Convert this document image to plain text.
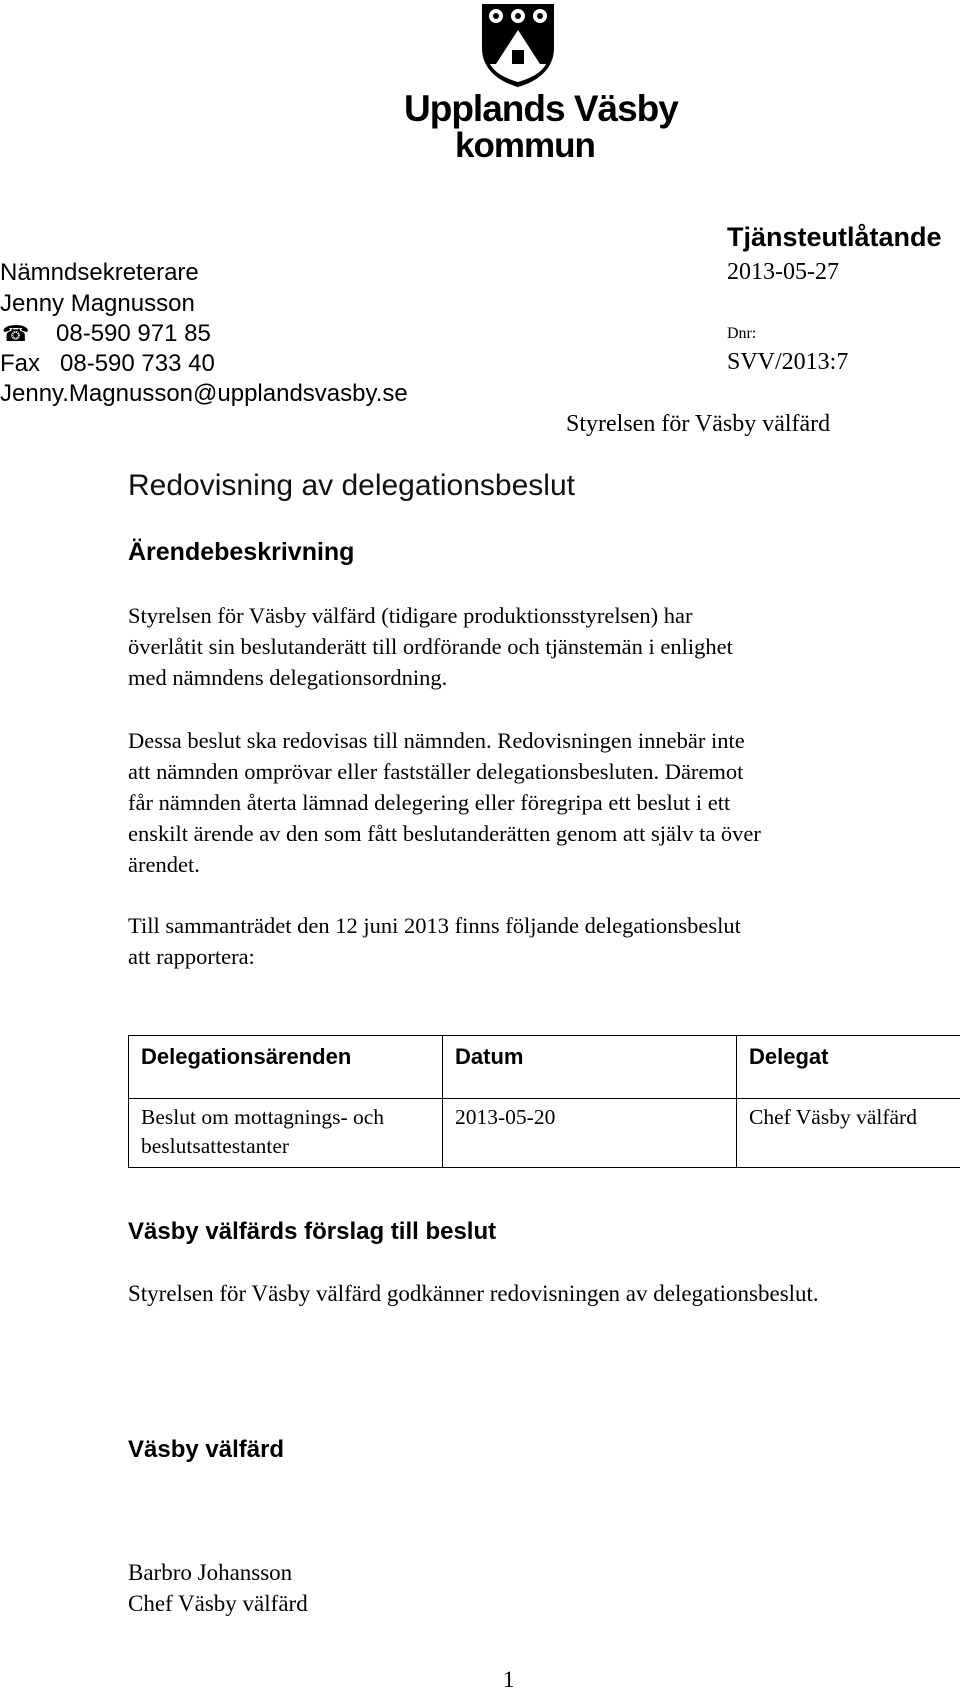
Upplands Väsby
kommun
Tjänsteutlåtande
2013-05-27
Dnr:
SVV/2013:7
Styrelsen för Väsby välfärd
Nämndsekreterare
Jenny Magnusson
☎ 08-590 971 85
Fax   08-590 733 40
Jenny.Magnusson@upplandsvasby.se
Redovisning av delegationsbeslut
Ärendebeskrivning
Styrelsen för Väsby välfärd (tidigare produktionsstyrelsen) har
överlåtit sin beslutanderätt till ordförande och tjänstemän i enlighet
med nämndens delegationsordning.
Dessa beslut ska redovisas till nämnden. Redovisningen innebär inte
att nämnden omprövar eller fastställer delegationsbesluten. Däremot
får nämnden återta lämnad delegering eller föregripa ett beslut i ett
enskilt ärende av den som fått beslutanderätten genom att själv ta över
ärendet.
Till sammanträdet den 12 juni 2013 finns följande delegationsbeslut
att rapportera:
Delegationsärenden	Datum	Delegat

Beslut om mottagnings- och
beslutsattestanter	2013-05-20	Chef Väsby välfärd
Väsby välfärds förslag till beslut
Styrelsen för Väsby välfärd godkänner redovisningen av delegationsbeslut.
Väsby välfärd
Barbro Johansson
Chef Väsby välfärd
1
